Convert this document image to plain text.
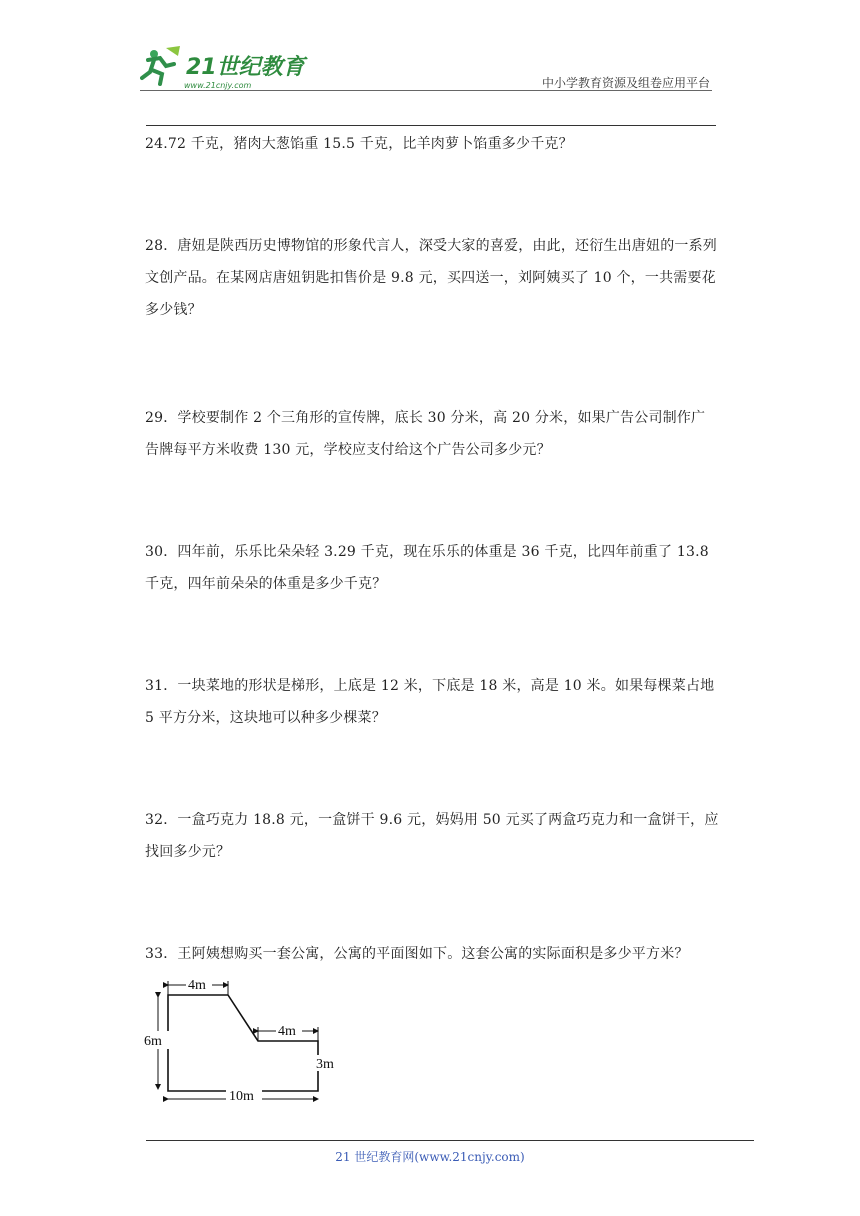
21世纪教育
www.21cnjy.com	中小学教育资源及组卷应用平台
24.72 千克，猪肉大葱馅重 15.5 千克，比羊肉萝卜馅重多少千克？
28．唐妞是陕西历史博物馆的形象代言人，深受大家的喜爱，由此，还衍生出唐妞的一系列文创产品。在某网店唐妞钥匙扣售价是 9.8 元，买四送一，刘阿姨买了 10 个，一共需要花多少钱？
29．学校要制作 2 个三角形的宣传牌，底长 30 分米，高 20 分米，如果广告公司制作广告牌每平方米收费 130 元，学校应支付给这个广告公司多少元？
30．四年前，乐乐比朵朵轻 3.29 千克，现在乐乐的体重是 36 千克，比四年前重了 13.8 千克，四年前朵朵的体重是多少千克？
31．一块菜地的形状是梯形，上底是 12 米，下底是 18 米，高是 10 米。如果每棵菜占地 5 平方分米，这块地可以种多少棵菜？
32．一盒巧克力 18.8 元，一盒饼干 9.6 元，妈妈用 50 元买了两盒巧克力和一盒饼干，应找回多少元？
33．王阿姨想购买一套公寓，公寓的平面图如下。这套公寓的实际面积是多少平方米？
4m
4m
6m
3m
10m
21 世纪教育网(www.21cnjy.com)
